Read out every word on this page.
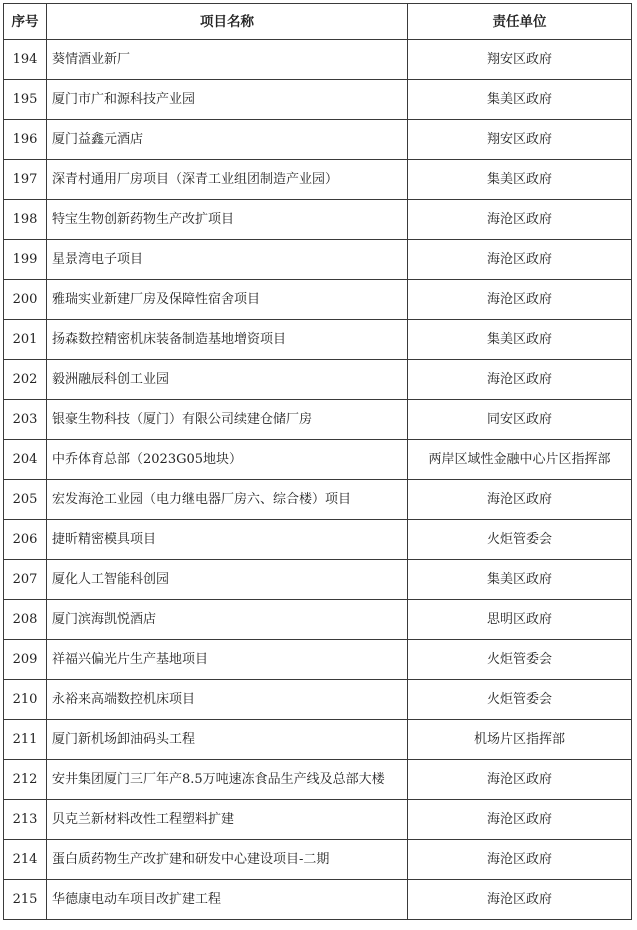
序号	项目名称	责任单位
194	葵情酒业新厂	翔安区政府
195	厦门市广和源科技产业园	集美区政府
196	厦门益鑫元酒店	翔安区政府
197	深青村通用厂房项目（深青工业组团制造产业园）	集美区政府
198	特宝生物创新药物生产改扩项目	海沧区政府
199	星景湾电子项目	海沧区政府
200	雅瑞实业新建厂房及保障性宿舍项目	海沧区政府
201	扬森数控精密机床装备制造基地增资项目	集美区政府
202	毅洲融辰科创工业园	海沧区政府
203	银豪生物科技（厦门）有限公司续建仓储厂房	同安区政府
204	中乔体育总部（2023G05地块）	两岸区域性金融中心片区指挥部
205	宏发海沧工业园（电力继电器厂房六、综合楼）项目	海沧区政府
206	捷昕精密模具项目	火炬管委会
207	厦化人工智能科创园	集美区政府
208	厦门滨海凯悦酒店	思明区政府
209	祥福兴偏光片生产基地项目	火炬管委会
210	永裕来高端数控机床项目	火炬管委会
211	厦门新机场卸油码头工程	机场片区指挥部
212	安井集团厦门三厂年产8.5万吨速冻食品生产线及总部大楼	海沧区政府
213	贝克兰新材料改性工程塑料扩建	海沧区政府
214	蛋白质药物生产改扩建和研发中心建设项目-二期	海沧区政府
215	华德康电动车项目改扩建工程	海沧区政府
